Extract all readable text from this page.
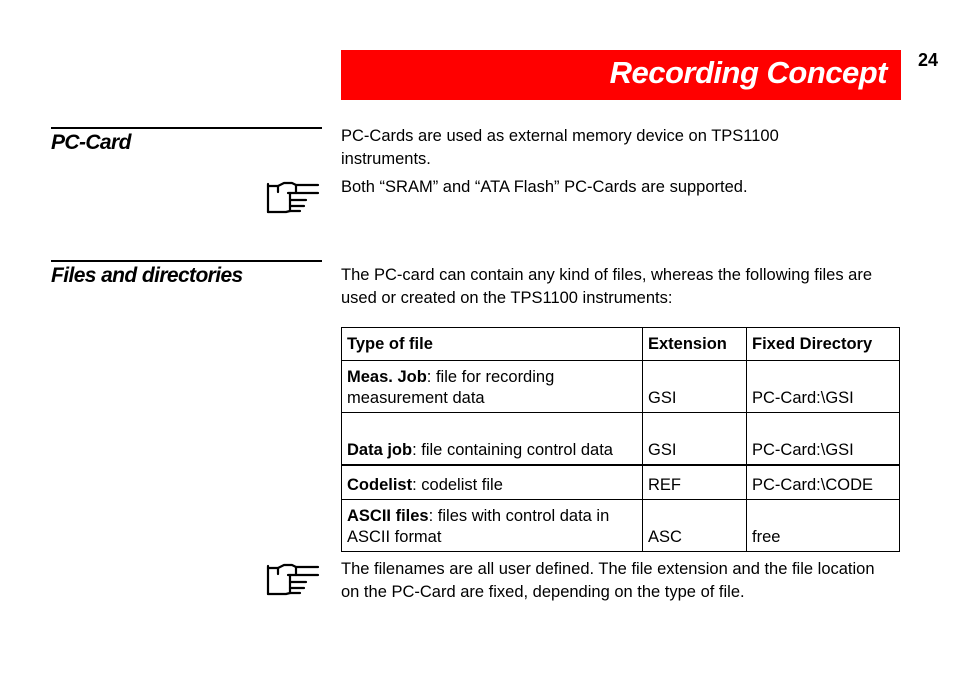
24
Recording Concept
PC-Card	PC-Cards are used as external memory device on TPS1100 instruments.
Both “SRAM” and “ATA Flash” PC-Cards are supported.
Files and directories	The PC-card can contain any kind of files, whereas the following files are used or created on the TPS1100 instruments:
Type of file	Extension	Fixed Directory
Meas. Job: file for recording measurement data	GSI	PC-Card:\GSI
Data job: file containing control data	GSI	PC-Card:\GSI
Codelist: codelist file	REF	PC-Card:\CODE
ASCII files: files with control data in ASCII format	ASC	free
The filenames are all user defined. The file extension and the file location on the PC-Card are fixed, depending on the type of file.
